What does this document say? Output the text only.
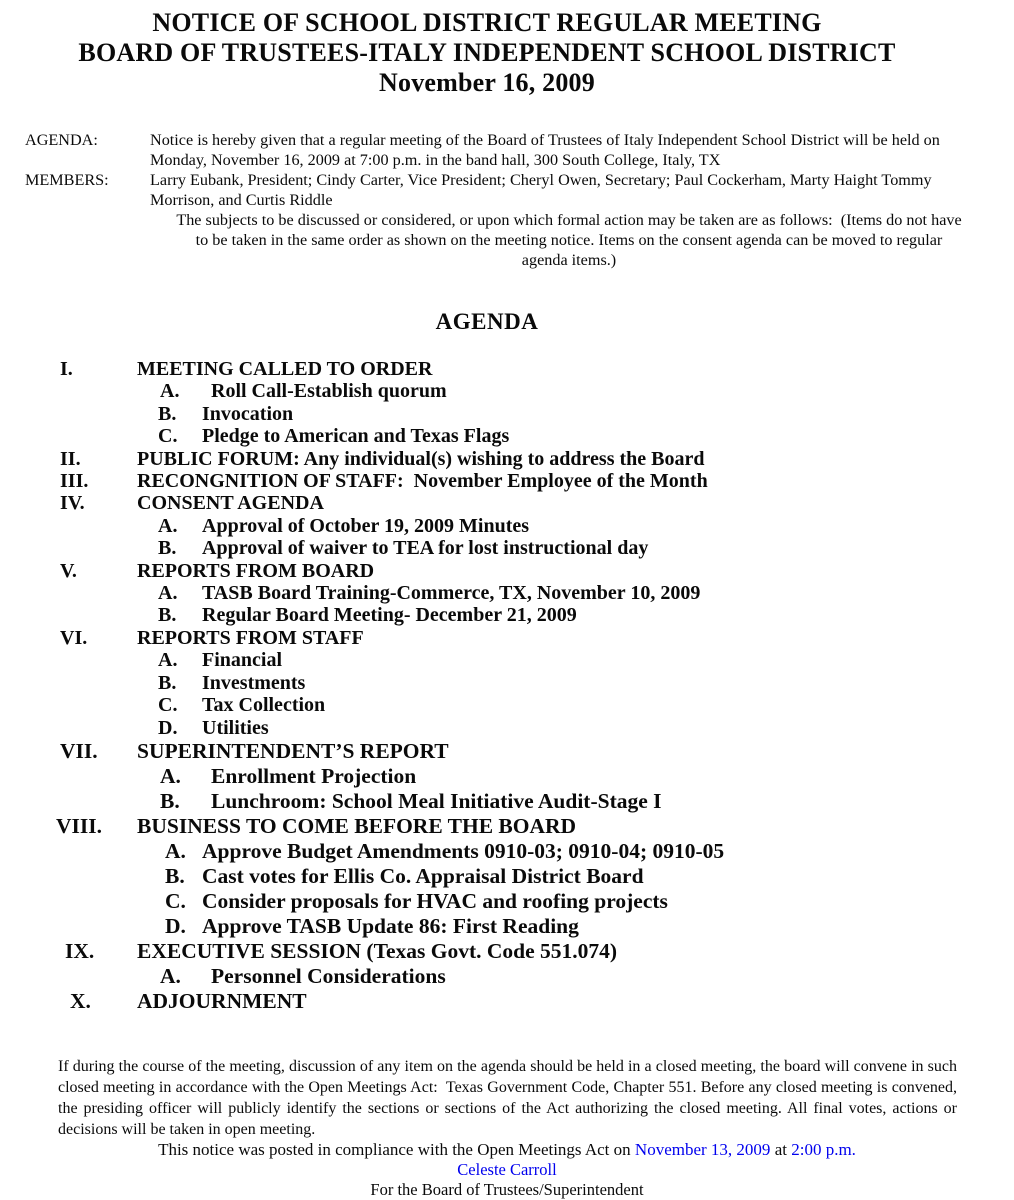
NOTICE OF SCHOOL DISTRICT REGULAR MEETING
BOARD OF TRUSTEES-ITALY INDEPENDENT SCHOOL DISTRICT
November 16, 2009
AGENDA:	Notice is hereby given that a regular meeting of the Board of Trustees of Italy Independent School District will be held on Monday, November 16, 2009 at 7:00 p.m. in the band hall, 300 South College, Italy, TX
MEMBERS:	Larry Eubank, President; Cindy Carter, Vice President; Cheryl Owen, Secretary; Paul Cockerham, Marty Haight Tommy Morrison, and Curtis Riddle
The subjects to be discussed or considered, or upon which formal action may be taken are as follows:  (Items do not have to be taken in the same order as shown on the meeting notice. Items on the consent agenda can be moved to regular agenda items.)
AGENDA
I.	MEETING CALLED TO ORDER
A. Roll Call-Establish quorum
B. Invocation
C. Pledge to American and Texas Flags
II.	PUBLIC FORUM: Any individual(s) wishing to address the Board
III. RECONGNITION OF STAFF:  November Employee of the Month
IV.	CONSENT AGENDA
A. Approval of October 19, 2009 Minutes
B. Approval of waiver to TEA for lost instructional day
V.	REPORTS FROM BOARD
A. TASB Board Training-Commerce, TX, November 10, 2009
B. Regular Board Meeting- December 21, 2009
VI. REPORTS FROM STAFF
A. Financial
B. Investments
C. Tax Collection
D. Utilities
VII. SUPERINTENDENT’S REPORT
A. Enrollment Projection
B. Lunchroom: School Meal Initiative Audit-Stage I
VIII. BUSINESS TO COME BEFORE THE BOARD
A. Approve Budget Amendments 0910-03; 0910-04; 0910-05
B. Cast votes for Ellis Co. Appraisal District Board
C. Consider proposals for HVAC and roofing projects
D. Approve TASB Update 86: First Reading
IX. EXECUTIVE SESSION (Texas Govt. Code 551.074)
A. Personnel Considerations
X. ADJOURNMENT
If during the course of the meeting, discussion of any item on the agenda should be held in a closed meeting, the board will convene in such closed meeting in accordance with the Open Meetings Act:  Texas Government Code, Chapter 551. Before any closed meeting is convened, the presiding officer will publicly identify the sections or sections of the Act authorizing the closed meeting. All final votes, actions or decisions will be taken in open meeting.
This notice was posted in compliance with the Open Meetings Act on November 13, 2009 at 2:00 p.m.
Celeste Carroll
For the Board of Trustees/Superintendent
